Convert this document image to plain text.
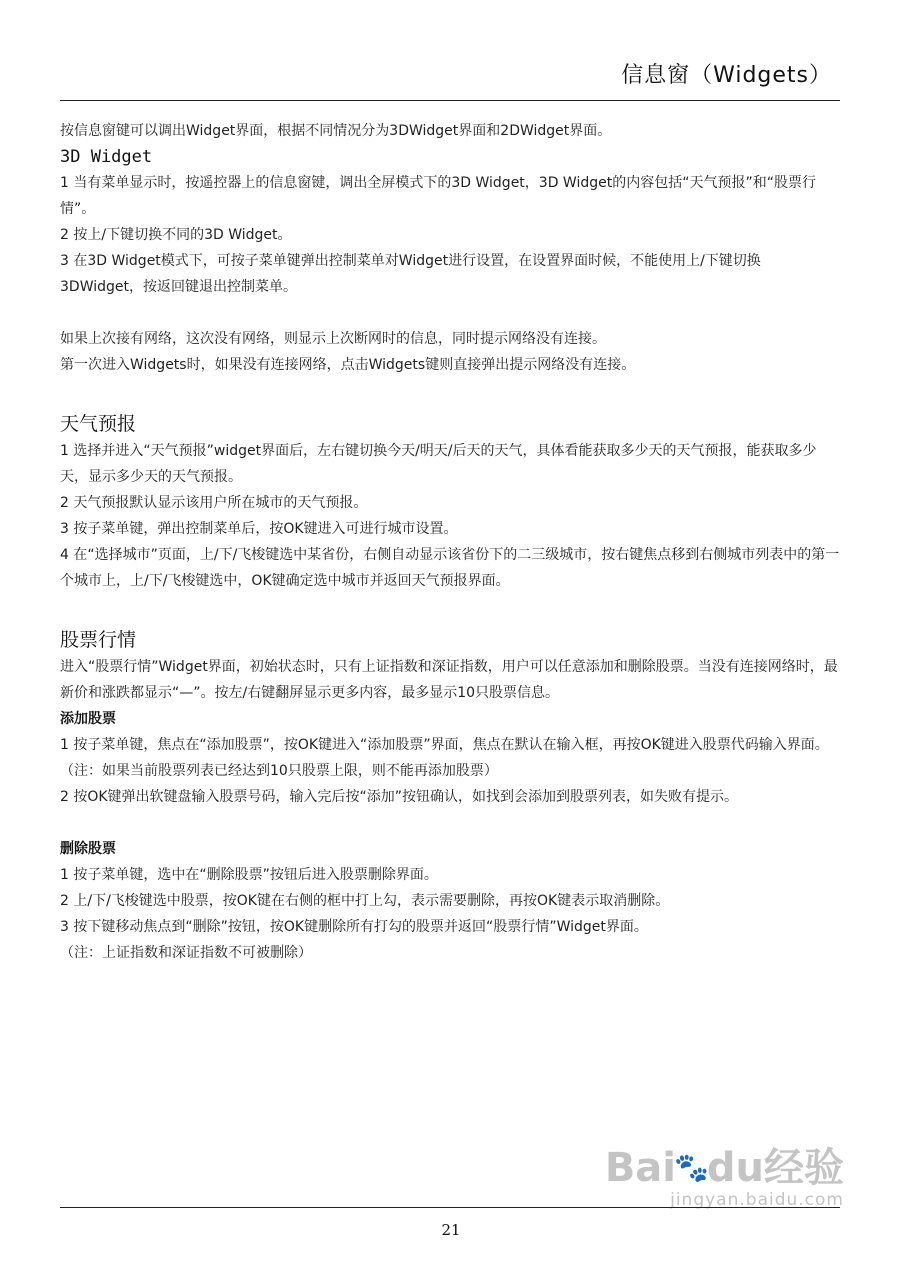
信息窗（Widgets）

按信息窗键可以调出Widget界面，根据不同情况分为3DWidget界面和2DWidget界面。

3D Widget

1 当有菜单显示时，按遥控器上的信息窗键，调出全屏模式下的3D Widget，3D Widget的内容包括“天气预报”和“股票行情”。

2 按上/下键切换不同的3D Widget。

3 在3D Widget模式下，可按子菜单键弹出控制菜单对Widget进行设置，在设置界面时候，不能使用上/下键切换3DWidget，按返回键退出控制菜单。

如果上次接有网络，这次没有网络，则显示上次断网时的信息，同时提示网络没有连接。

第一次进入Widgets时，如果没有连接网络，点击Widgets键则直接弹出提示网络没有连接。

天气预报

1 选择并进入“天气预报”widget界面后，左右键切换今天/明天/后天的天气，具体看能获取多少天的天气预报，能获取多少天，显示多少天的天气预报。

2 天气预报默认显示该用户所在城市的天气预报。

3 按子菜单键，弹出控制菜单后，按OK键进入可进行城市设置。

4 在“选择城市”页面，上/下/飞梭键选中某省份，右侧自动显示该省份下的二三级城市，按右键焦点移到右侧城市列表中的第一个城市上，上/下/飞梭键选中，OK键确定选中城市并返回天气预报界面。

股票行情

进入“股票行情”Widget界面，初始状态时，只有上证指数和深证指数，用户可以任意添加和删除股票。当没有连接网络时，最新价和涨跌都显示“—”。按左/右键翻屏显示更多内容，最多显示10只股票信息。

添加股票

1 按子菜单键，焦点在“添加股票”，按OK键进入“添加股票”界面，焦点在默认在输入框，再按OK键进入股票代码输入界面。（注：如果当前股票列表已经达到10只股票上限，则不能再添加股票）

2 按OK键弹出软键盘输入股票号码，输入完后按“添加”按钮确认，如找到会添加到股票列表，如失败有提示。

删除股票

1 按子菜单键，选中在“删除股票”按钮后进入股票删除界面。

2 上/下/飞梭键选中股票，按OK键在右侧的框中打上勾，表示需要删除，再按OK键表示取消删除。

3 按下键移动焦点到“删除”按钮，按OK键删除所有打勾的股票并返回“股票行情”Widget界面。

（注：上证指数和深证指数不可被删除）

Bai🐾du经验
jingyan.baidu.com
21
